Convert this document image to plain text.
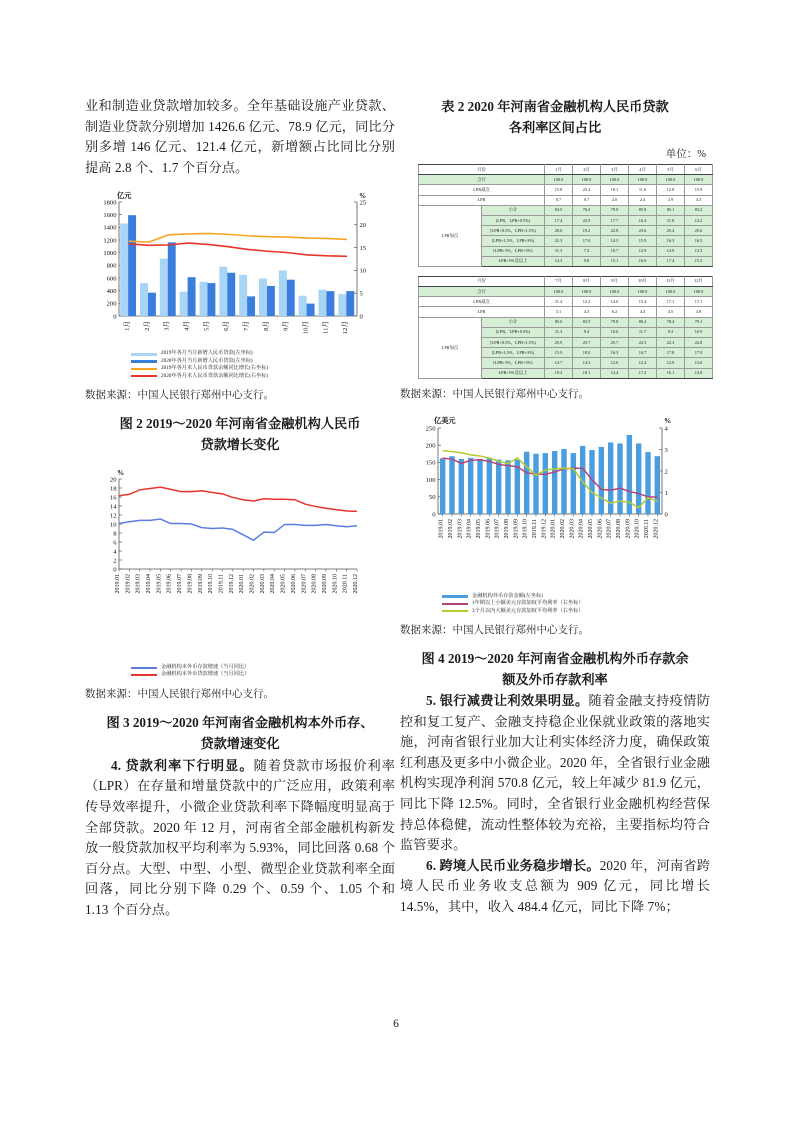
业和制造业贷款增加较多。全年基础设施产业贷款、制造业贷款分别增加 1426.6 亿元、78.9 亿元，同比分别多增 146 亿元、121.4 亿元，新增额占比同比分别提高 2.8 个、1.7 个百分点。

0
200
400
600
800
1000
1200
1400
1600
1800
0
5
10
15
20
25
亿元	%
1月 2月 3月 4月 5月 6月 7月 8月 9月 10月 11月 12月
2019年各月当月新增人民币贷款(左坐标)
2020年各月当月新增人民币贷款(左坐标)
2019年各月末人民币贷款余额同比增长(右坐标)
2020年各月末人民币贷款余额同比增长(右坐标)

数据来源：中国人民银行郑州中心支行。

图 2 2019～2020 年河南省金融机构人民币
贷款增长变化
0
2
4
6
8
10
12
14
16
18
20
%
2019.01 2019.02 2019.03 2019.04 2019.05 2019.06 2019.07 2019.08 2019.09 2019.10 2019.11 2019.12 2020.01 2020.02 2020.03 2020.04 2020.05 2020.06 2020.07 2020.08 2020.09 2020.10 2020.11 2020.12
金融机构本外币存款增速（当月同比）
金融机构本外币贷款增速（当月同比）

数据来源：中国人民银行郑州中心支行。

图 3 2019～2020 年河南省金融机构本外币存、
贷款增速变化

4. 贷款利率下行明显。随着贷款市场报价利率（LPR）在存量和增量贷款中的广泛应用，政策利率传导效率提升，小微企业贷款利率下降幅度明显高于全部贷款。2020 年 12 月，河南省全部金融机构新发放一般贷款加权平均利率为 5.93%，同比回落 0.68 个百分点。大型、中型、小型、微型企业贷款利率全面回落，同比分别下降 0.29 个、0.59 个、1.05 个和 1.13 个百分点。

表 2 2020 年河南省金融机构人民币贷款
各利率区间占比
单位：%
月份		1月	2月	3月	4月	5月	6月
合计		100.0	100.0	100.0	100.0	100.0	100.0
LPR减点		15.8	25.2	18.1	11.6	12.8	15.9
LPR		0.7	0.7	2.0	2.4	2.9	3.3
LPR加点	小计	84.5	76.2	79.9	85.8	85.1	83.2
	(LPR，LPR+0.5%)	17.4	22.9	17.7	16.4	11.8	13.2
	[LPR+0.5%，LPR+1.5%)	20.6	19.2	22.8	23.6	25.4	25.6
	[LPR+1.5%，LPR+3%)	21.3	17.0	14.5	15.9	16.3	16.5
	[LPR+3%，LPR+5%)	11.3	7.3	10.7	12.9	14.9	13.3
	LPR+5%及以上	14.3	9.8	15.1	16.9	17.4	15.2
月份		7月	8月	9月	10月	11月	12月
合计		100.0	100.0	100.0	100.0	100.0	100.0
LPR减点		11.4	12.2	14.0	15.4	17.1	17.1
LPR		3.1	4.3	6.2	4.4	4.5	3.8
LPR加点	小计	85.6	83.5	79.8	80.2	78.4	79.1
	(LPR，LPR+0.5%)	11.3	9.4	10.6	11.7	9.3	10.9
	[LPR+0.5%，LPR+1.5%)	25.9	25.7	25.7	22.3	22.3	22.8
	[LPR+1.5%，LPR+3%)	15.9	18.0	16.3	16.7	17.8	17.9
	[LPR+3%，LPR+5%)	14.7	14.3	12.6	12.4	12.9	13.6
	LPR+5%及以上	19.2	18.1	14.4	17.2	16.1	14.0

数据来源：中国人民银行郑州中心支行。

0
50
100
150
200
250
0
1
2
3
4
亿美元	%
2019.01 2019.02 2019.03 2019.04 2019.05 2019.06 2019.07 2019.08 2019.09 2019.10 2019.11 2019.12 2020.01 2020.02 2020.03 2020.04 2020.05 2020.06 2020.07 2020.08 2020.09 2020.10 2020.11 2020.12
金融机构外币存款金额(左坐标)
1年期以上小额美元存款加权平均利率（右坐标）
3个月以内大额美元存款加权平均利率（右坐标）

数据来源：中国人民银行郑州中心支行。

图 4 2019～2020 年河南省金融机构外币存款余
额及外币存款利率

5. 银行减费让利效果明显。随着金融支持疫情防控和复工复产、金融支持稳企业保就业政策的落地实施，河南省银行业加大让利实体经济力度，确保政策红利惠及更多中小微企业。2020 年，全省银行业金融机构实现净利润 570.8 亿元，较上年减少 81.9 亿元，同比下降 12.5%。同时，全省银行业金融机构经营保持总体稳健，流动性整体较为充裕，主要指标均符合监管要求。

6. 跨境人民币业务稳步增长。2020 年，河南省跨境人民币业务收支总额为 909 亿元，同比增长 14.5%，其中，收入 484.4 亿元，同比下降 7%；

6
